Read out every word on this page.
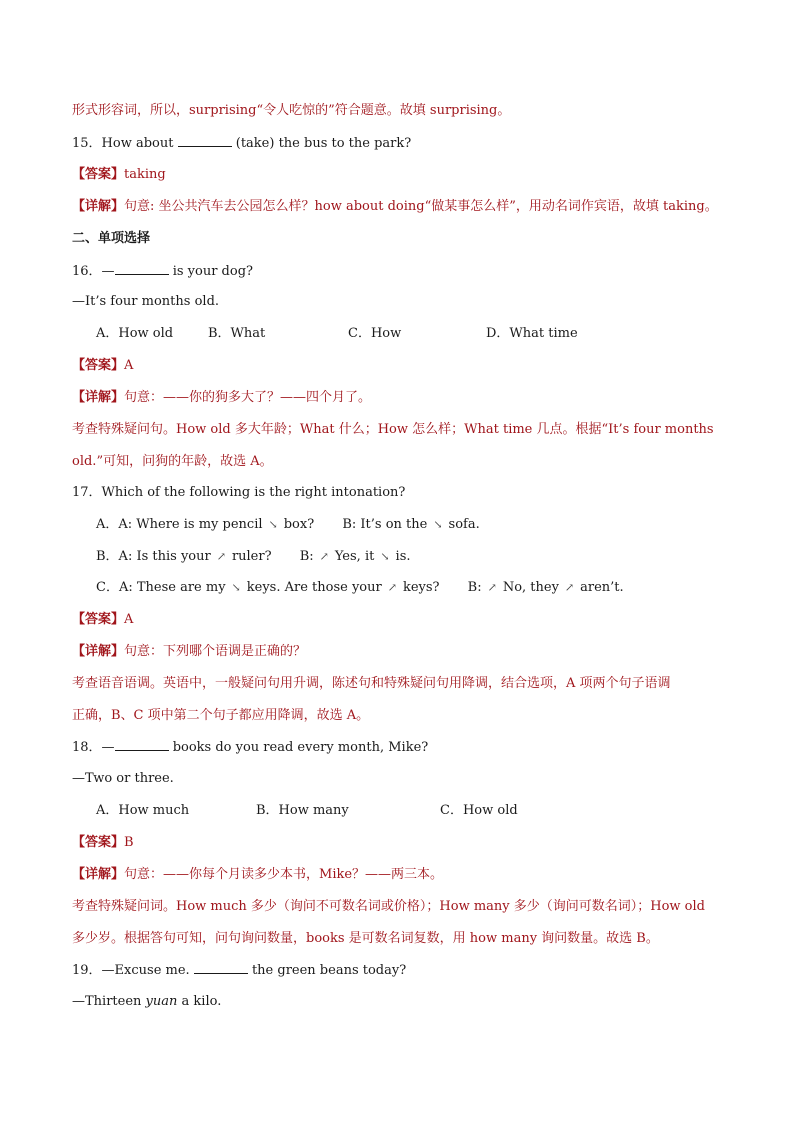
形式形容词，所以，surprising“令人吃惊的”符合题意。故填 surprising。
15．How about	(take) the bus to the park?
【答案】taking
【详解】句意: 坐公共汽车去公园怎么样？how about doing“做某事怎么样”，用动名词作宾语，故填 taking。
二、单项选择
16．—	is your dog?
—It’s four months old.
A．How old	B．What	C．How	D．What time
【答案】A
【详解】句意：——你的狗多大了？——四个月了。
考查特殊疑问句。How old 多大年龄；What 什么；How 怎么样；What time 几点。根据“It’s four months
old.”可知，问狗的年龄，故选 A。
17．Which of the following is the right intonation?
A．A: Where is my pencil ↘ box? B: It’s on the ↘ sofa.
B．A: Is this your ↗ ruler? B: ↗ Yes, it ↘ is.
C．A: These are my ↘ keys. Are those your ↗ keys? B: ↗ No, they ↗ aren’t.
【答案】A
【详解】句意：下列哪个语调是正确的？
考查语音语调。英语中，一般疑问句用升调，陈述句和特殊疑问句用降调，结合选项，A 项两个句子语调
正确，B、C 项中第二个句子都应用降调，故选 A。
18．—	books do you read every month, Mike?
—Two or three.
A．How much	B．How many	C．How old
【答案】B
【详解】句意：——你每个月读多少本书，Mike？——两三本。
考查特殊疑问词。How much 多少（询问不可数名词或价格）；How many 多少（询问可数名词）；How old
多少岁。根据答句可知，问句询问数量，books 是可数名词复数，用 how many 询问数量。故选 B。
19．—Excuse me.	the green beans today?
—Thirteen yuan a kilo.
